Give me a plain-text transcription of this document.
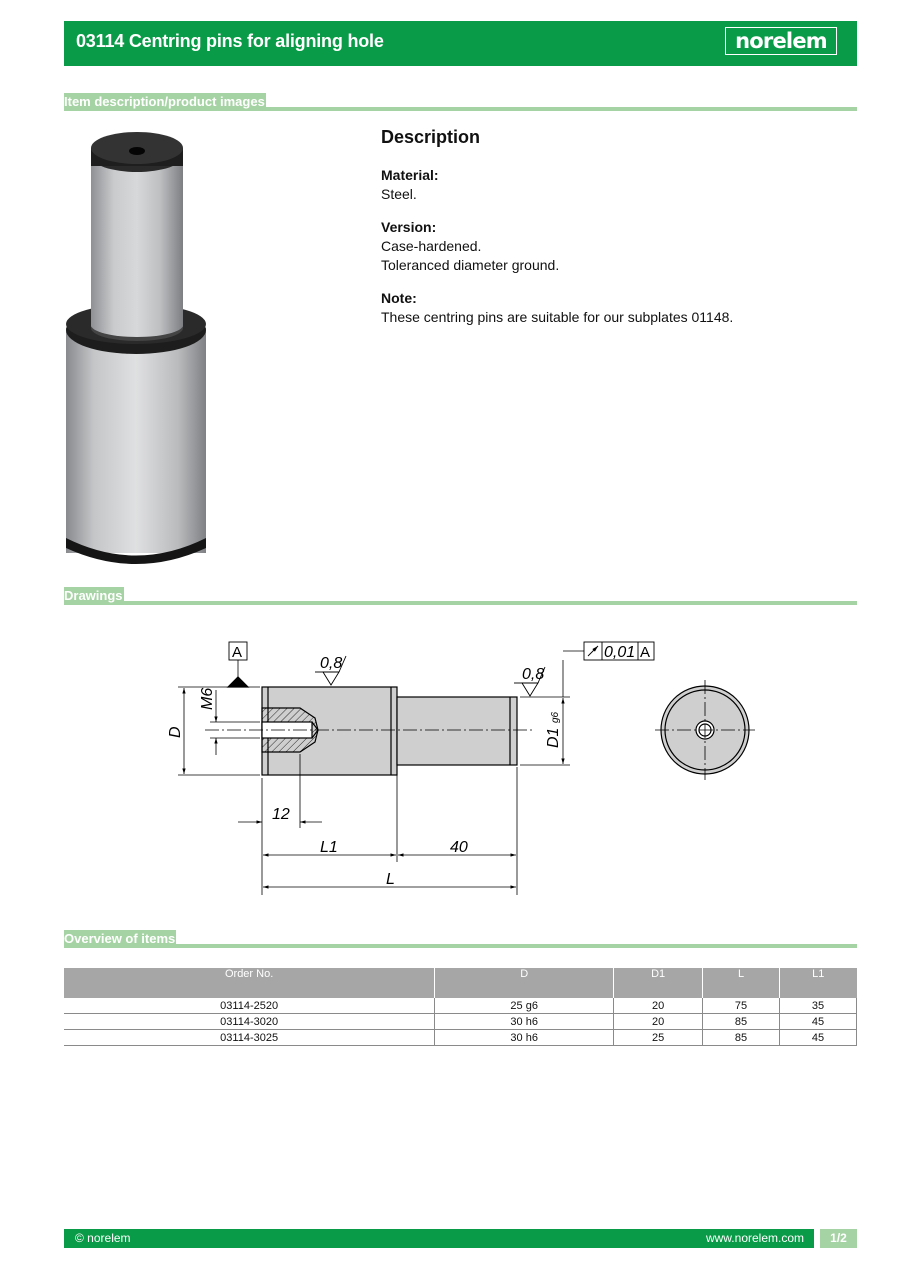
03114 Centring pins for aligning hole	norelem
Item description/product images
Description
Material:
Steel.
Version:
Case-hardened.
Toleranced diameter ground.
Note:
These centring pins are suitable for our subplates 01148.
Drawings
A
0,8
0,8
0,01 A
M6
D	D1
g6
12
L1	40
L
Overview of items
Order No.	D	D1	L	L1
03114-2520	25 g6	20	75	35
03114-3020	30 h6	20	85	45
03114-3025	30 h6	25	85	45
© norelem	www.norelem.com	1/2
